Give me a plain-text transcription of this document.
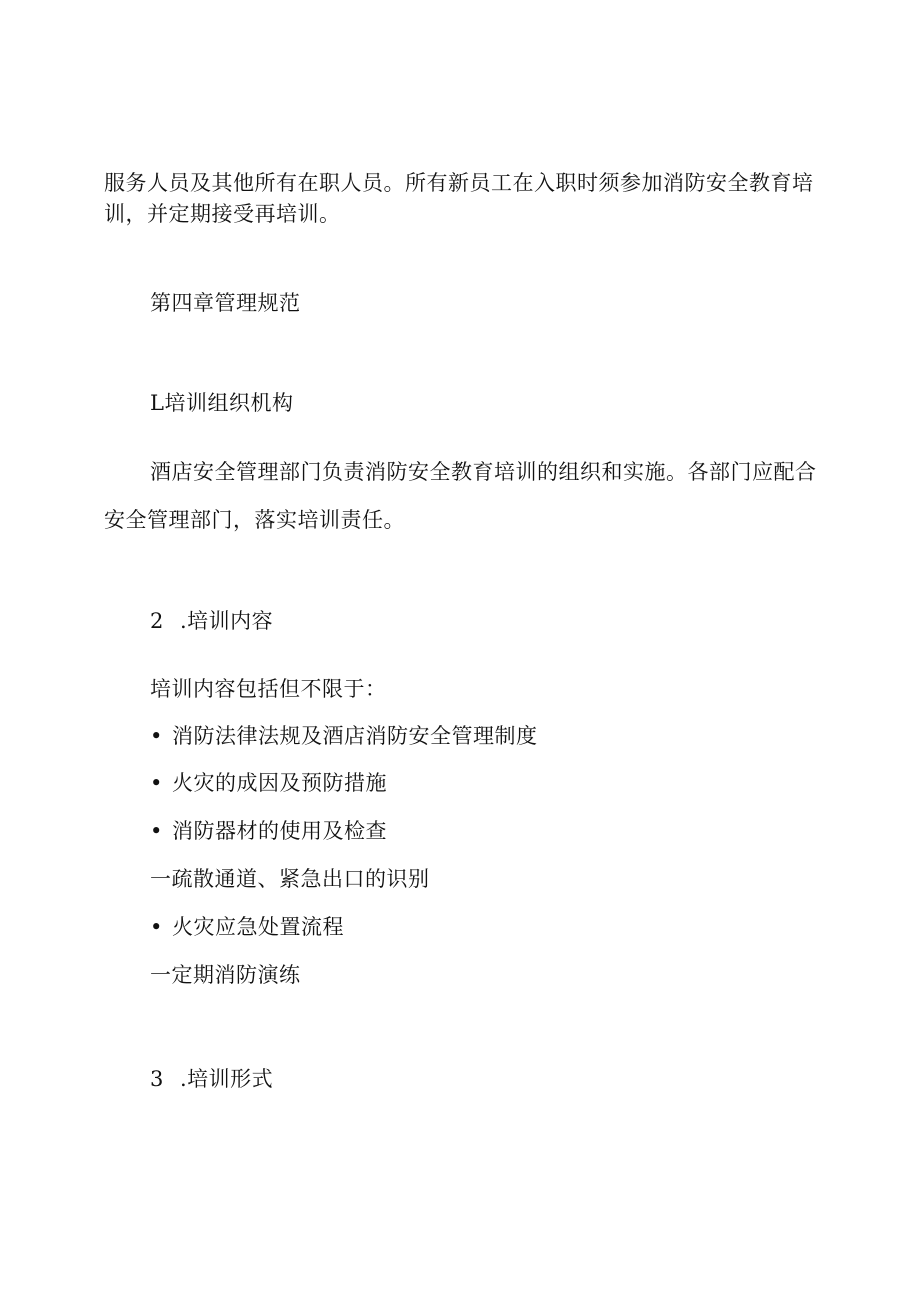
服务人员及其他所有在职人员。所有新员工在入职时须参加消防安全教育培
训，并定期接受再培训。
第四章管理规范
L培训组织机构
酒店安全管理部门负责消防安全教育培训的组织和实施。各部门应配合
安全管理部门，落实培训责任。
2 .培训内容
培训内容包括但不限于：
• 消防法律法规及酒店消防安全管理制度
• 火灾的成因及预防措施
• 消防器材的使用及检查
一疏散通道、紧急出口的识别
• 火灾应急处置流程
一定期消防演练
3 .培训形式
